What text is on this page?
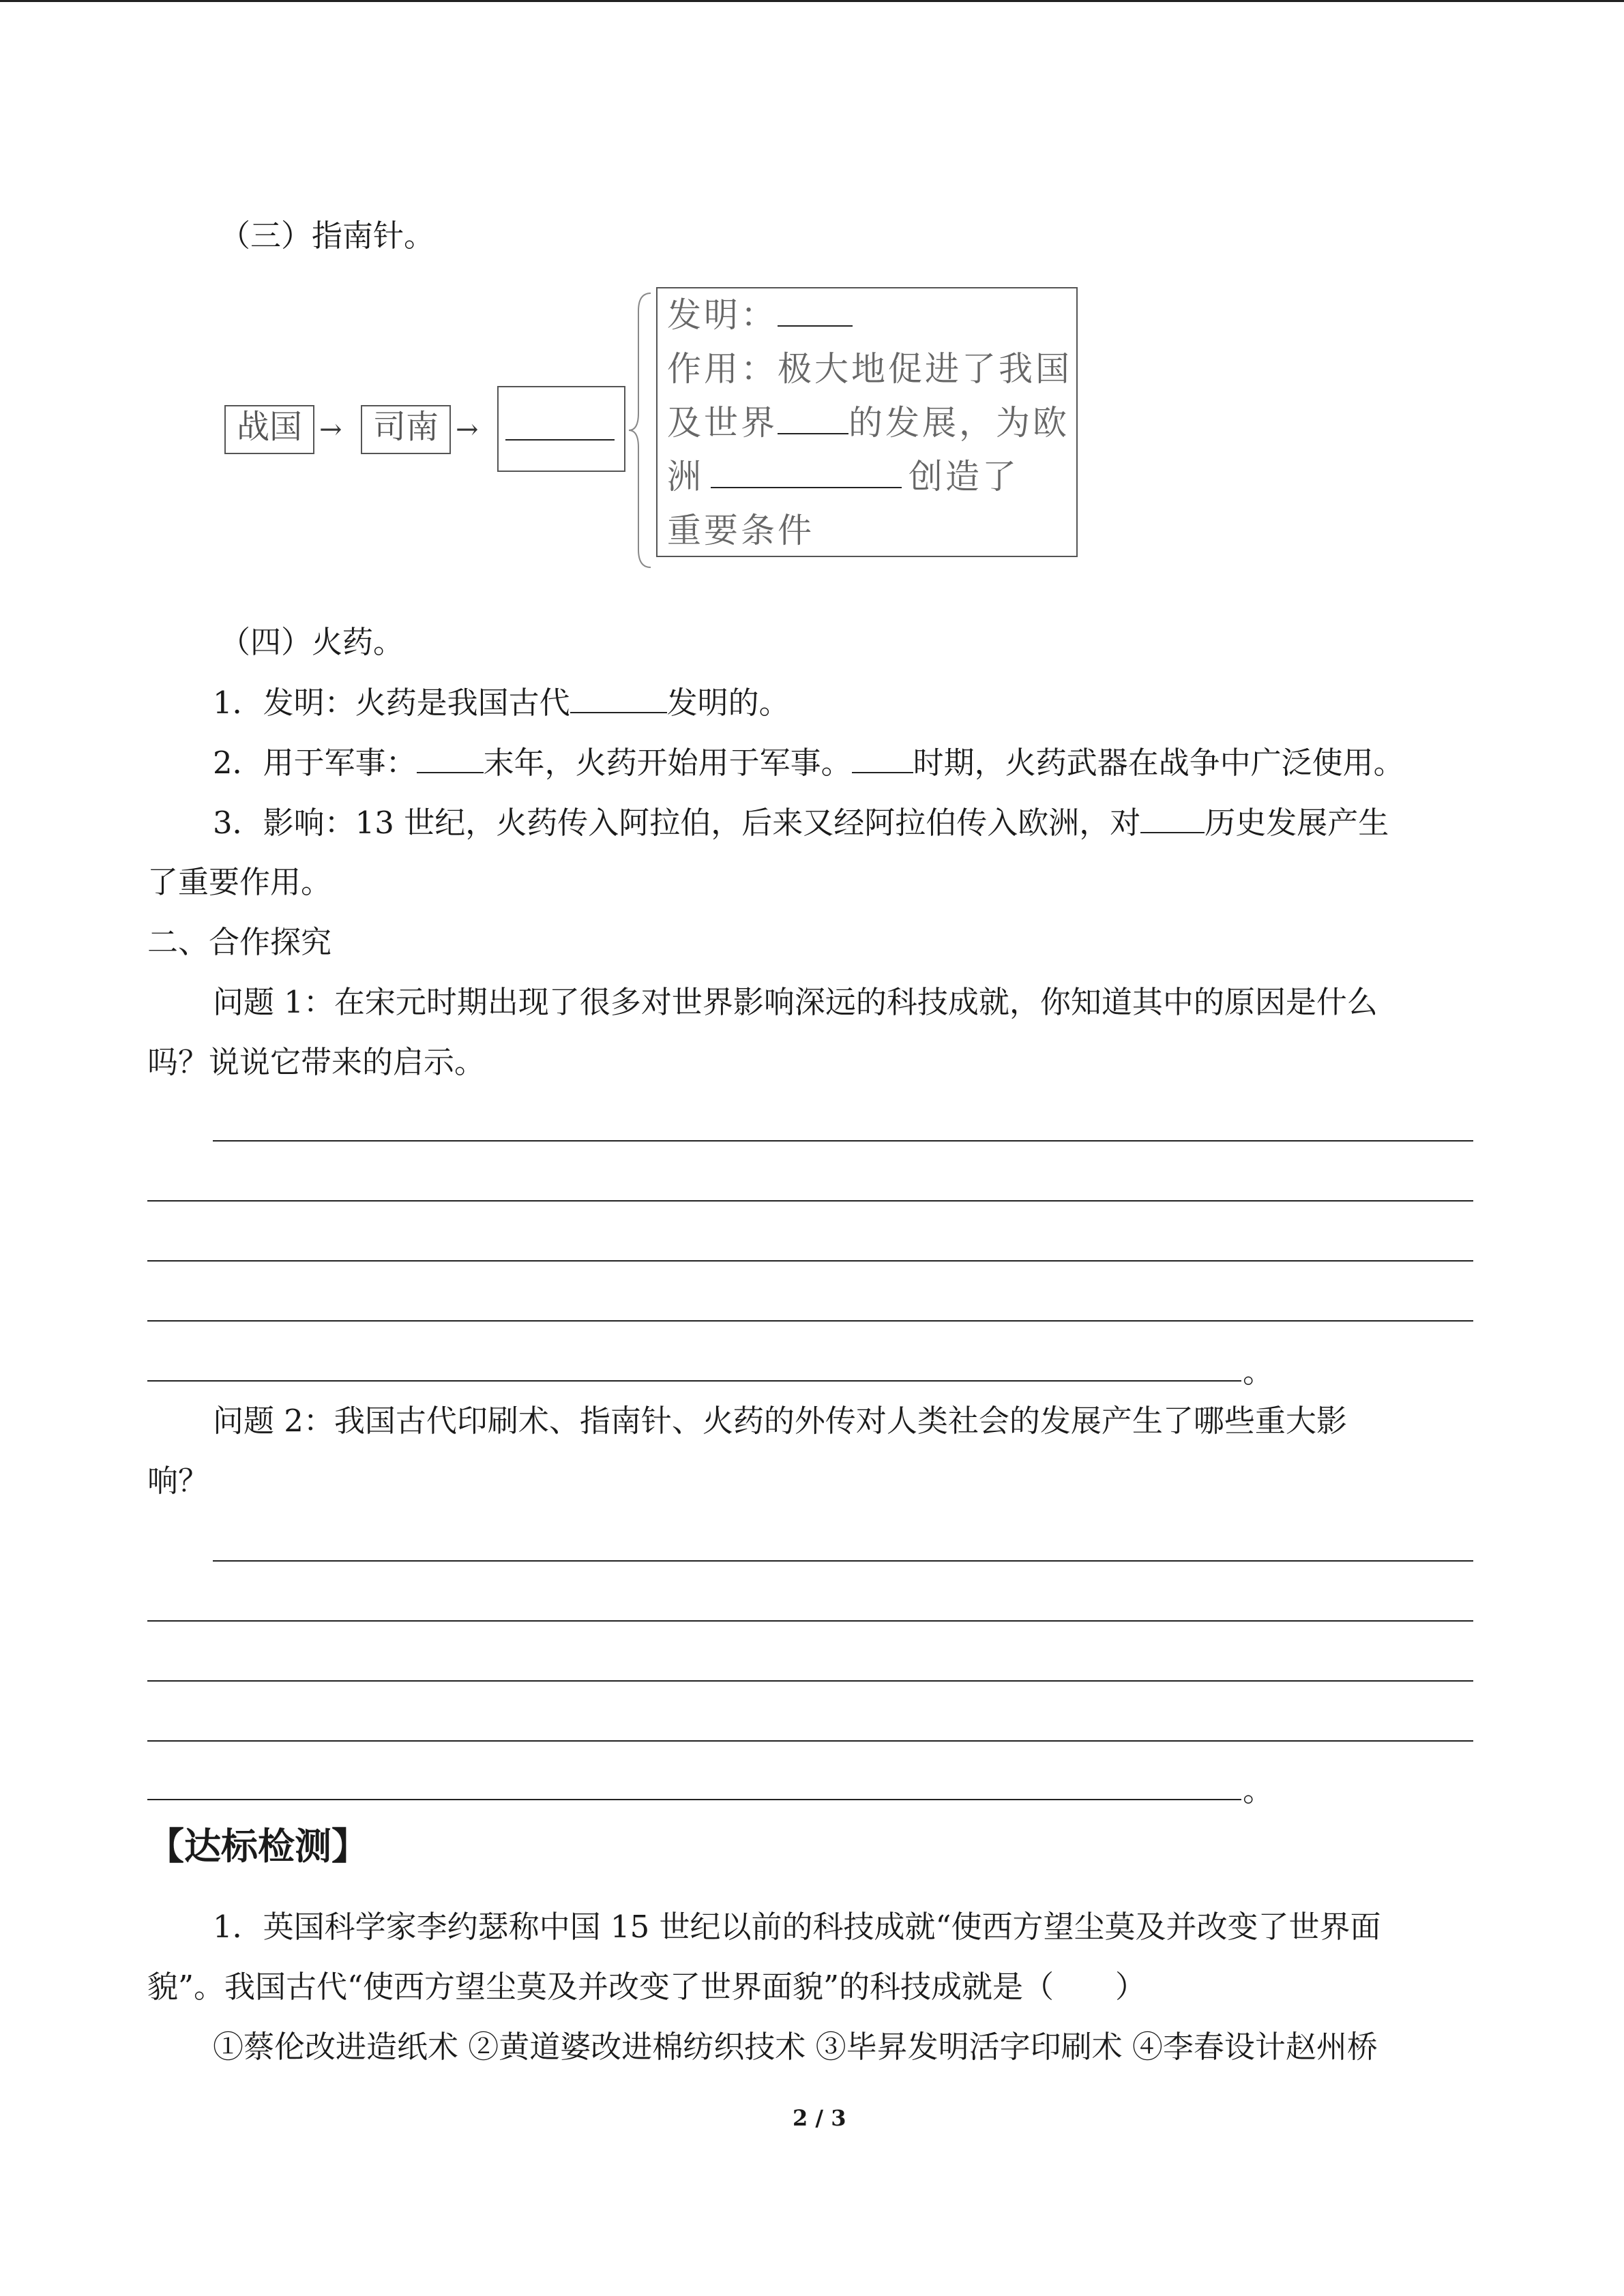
（三）指南针。
战国 → 司南 →
发明：
作用：极大地促进了我国
及世界 的发展，为欧
洲	创造了
重要条件
（四）火药。
1．发明：火药是我国古代	发明的。
2．用于军事： 末年，火药开始用于军事。 时期，火药武器在战争中广泛使用。
3．影响：13 世纪，火药传入阿拉伯，后来又经阿拉伯传入欧洲，对 历史发展产生
了重要作用。
二、合作探究
问题 1：在宋元时期出现了很多对世界影响深远的科技成就，你知道其中的原因是什么
吗？说说它带来的启示。
。
问题 2：我国古代印刷术、指南针、火药的外传对人类社会的发展产生了哪些重大影
响？
。
【达标检测】
1．英国科学家李约瑟称中国 15 世纪以前的科技成就“使西方望尘莫及并改变了世界面
貌”。我国古代“使西方望尘莫及并改变了世界面貌”的科技成就是（　　）
①蔡伦改进造纸术 ②黄道婆改进棉纺织技术 ③毕昇发明活字印刷术 ④李春设计赵州桥
2 / 3
